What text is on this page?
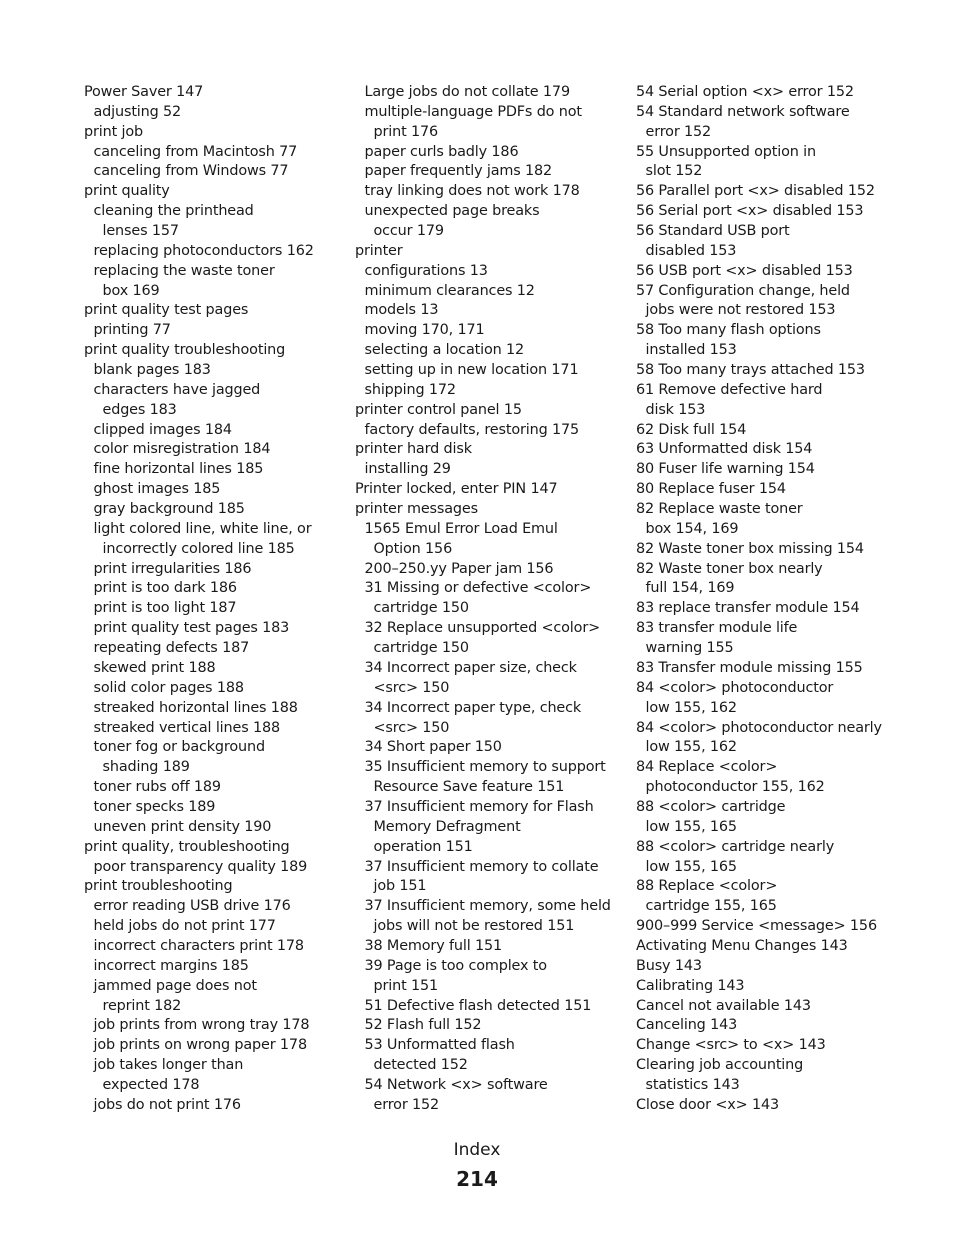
Power Saver 147
adjusting 52
print job
canceling from Macintosh 77
canceling from Windows 77
print quality
cleaning the printhead
lenses 157
replacing photoconductors 162
replacing the waste toner
box 169
print quality test pages
printing 77
print quality troubleshooting
blank pages 183
characters have jagged
edges 183
clipped images 184
color misregistration 184
fine horizontal lines 185
ghost images 185
gray background 185
light colored line, white line, or
incorrectly colored line 185
print irregularities 186
print is too dark 186
print is too light 187
print quality test pages 183
repeating defects 187
skewed print 188
solid color pages 188
streaked horizontal lines 188
streaked vertical lines 188
toner fog or background
shading 189
toner rubs off 189
toner specks 189
uneven print density 190
print quality, troubleshooting
poor transparency quality 189
print troubleshooting
error reading USB drive 176
held jobs do not print 177
incorrect characters print 178
incorrect margins 185
jammed page does not
reprint 182
job prints from wrong tray 178
job prints on wrong paper 178
job takes longer than
expected 178
jobs do not print 176
Large jobs do not collate 179
multiple-language PDFs do not
print 176
paper curls badly 186
paper frequently jams 182
tray linking does not work 178
unexpected page breaks
occur 179
printer
configurations 13
minimum clearances 12
models 13
moving 170, 171
selecting a location 12
setting up in new location 171
shipping 172
printer control panel 15
factory defaults, restoring 175
printer hard disk
installing 29
Printer locked, enter PIN 147
printer messages
1565 Emul Error Load Emul
Option 156
200–250.yy Paper jam 156
31 Missing or defective <color>
cartridge 150
32 Replace unsupported <color>
cartridge 150
34 Incorrect paper size, check
<src> 150
34 Incorrect paper type, check
<src> 150
34 Short paper 150
35 Insufficient memory to support
Resource Save feature 151
37 Insufficient memory for Flash
Memory Defragment
operation 151
37 Insufficient memory to collate
job 151
37 Insufficient memory, some held
jobs will not be restored 151
38 Memory full 151
39 Page is too complex to
print 151
51 Defective flash detected 151
52 Flash full 152
53 Unformatted flash
detected 152
54 Network <x> software
error 152
54 Serial option <x> error 152
54 Standard network software
error 152
55 Unsupported option in
slot 152
56 Parallel port <x> disabled 152
56 Serial port <x> disabled 153
56 Standard USB port
disabled 153
56 USB port <x> disabled 153
57 Configuration change, held
jobs were not restored 153
58 Too many flash options
installed 153
58 Too many trays attached 153
61 Remove defective hard
disk 153
62 Disk full 154
63 Unformatted disk 154
80 Fuser life warning 154
80 Replace fuser 154
82 Replace waste toner
box 154, 169
82 Waste toner box missing 154
82 Waste toner box nearly
full 154, 169
83 replace transfer module 154
83 transfer module life
warning 155
83 Transfer module missing 155
84 <color> photoconductor
low 155, 162
84 <color> photoconductor nearly
low 155, 162
84 Replace <color>
photoconductor 155, 162
88 <color> cartridge
low 155, 165
88 <color> cartridge nearly
low 155, 165
88 Replace <color>
cartridge 155, 165
900–999 Service <message> 156
Activating Menu Changes 143
Busy 143
Calibrating 143
Cancel not available 143
Canceling 143
Change <src> to <x> 143
Clearing job accounting
statistics 143
Close door <x> 143
Index
214
